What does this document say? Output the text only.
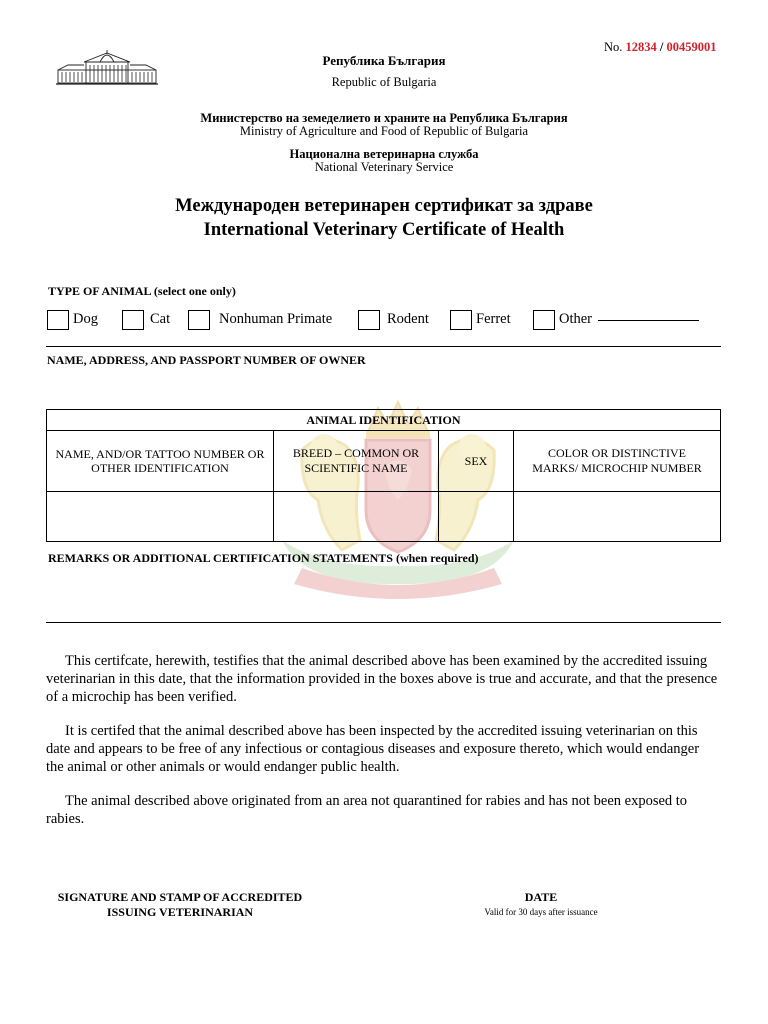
No. 12834 / 00459001
Република България
Republic of Bulgaria
Министерство на земеделието и храните на Република България
Ministry of Agriculture and Food of Republic of Bulgaria
Национална ветеринарна служба
National Veterinary Service
Международен ветеринарен сертификат за здраве
International Veterinary Certificate of Health
TYPE OF ANIMAL (select one only)
Dog	Cat	Nonhuman Primate	Rodent	Ferret	Other
NAME, ADDRESS, AND PASSPORT NUMBER OF OWNER
ANIMAL IDENTIFICATION			
NAME, AND/OR TATTOO NUMBER OR OTHER IDENTIFICATION	BREED – COMMON OR SCIENTIFIC NAME	SEX	COLOR OR DISTINCTIVE MARKS/ MICROCHIP NUMBER

REMARKS OR ADDITIONAL CERTIFICATION STATEMENTS (when required)
This certifcate, herewith, testifies that the animal described above has been examined by the accredited issuing veterinarian in this date, that the information provided in the boxes above is true and accurate, and that the presence of a microchip has been verified.
It is certifed that the animal described above has been inspected by the accredited issuing veterinarian on this date and appears to be free of any infectious or contagious diseases and exposure thereto, which would endanger the animal or other animals or would endanger public health.
The animal described above originated from an area not quarantined for rabies and has not been exposed to rabies.
SIGNATURE AND STAMP OF ACCREDITED
ISSUING VETERINARIAN
DATE
Valid for 30 days after issuance
